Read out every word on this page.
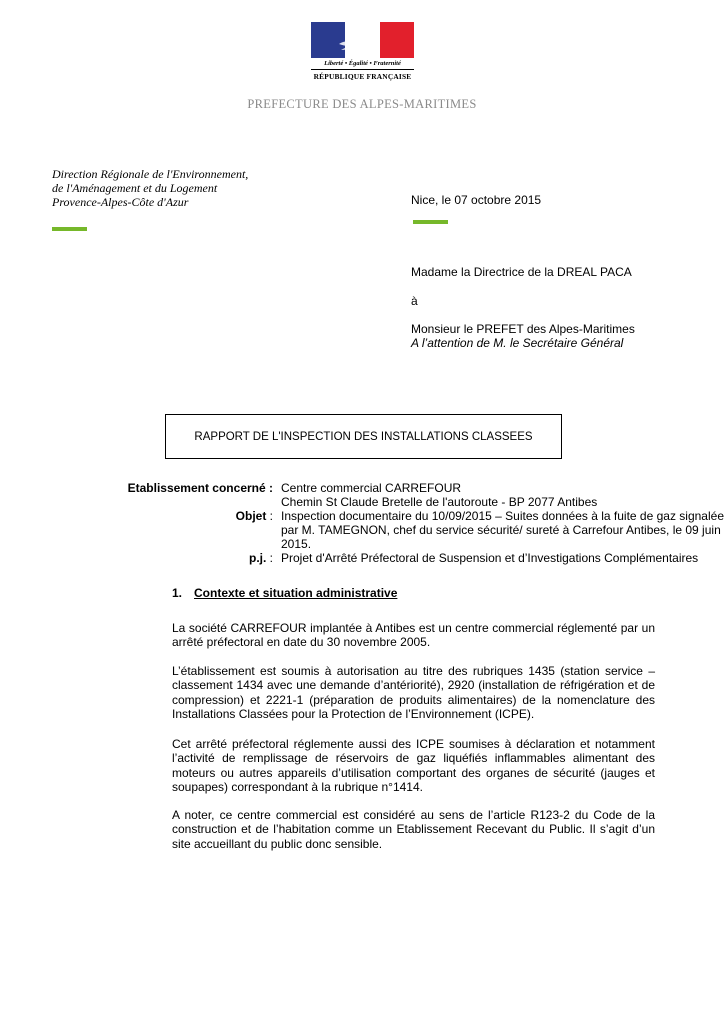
Liberté • Égalité • Fraternité
RÉPUBLIQUE FRANÇAISE
PREFECTURE DES ALPES-MARITIMES
Direction Régionale de l'Environnement,
de l'Aménagement et du Logement
Provence-Alpes-Côte d'Azur	Nice, le 07 octobre 2015
Madame la Directrice de la DREAL PACA
à
Monsieur le PREFET des Alpes-Maritimes
A l’attention de M. le Secrétaire Général
RAPPORT DE L'INSPECTION DES INSTALLATIONS CLASSEES
Etablissement concerné : Centre commercial CARREFOUR
Chemin St Claude Bretelle de l'autoroute - BP 2077 Antibes
Objet : Inspection documentaire du 10/09/2015 – Suites données à la fuite de gaz signalée
par M. TAMEGNON, chef du service sécurité/ sureté à Carrefour Antibes, le 09 juin
2015.
p.j. : Projet d'Arrêté Préfectoral de Suspension et d’Investigations Complémentaires
1. Contexte et situation administrative
La société CARREFOUR implantée à Antibes est un centre commercial réglementé par un arrêté préfectoral en date du 30 novembre 2005.
L’établissement est soumis à autorisation au titre des rubriques 1435 (station service – classement 1434 avec une demande d’antériorité), 2920 (installation de réfrigération et de compression) et 2221-1 (préparation de produits alimentaires) de la nomenclature des Installations Classées pour la Protection de l’Environnement (ICPE).
Cet arrêté préfectoral réglemente aussi des ICPE soumises à déclaration et notamment l’activité de remplissage de réservoirs de gaz liquéfiés inflammables alimentant des moteurs ou autres appareils d’utilisation comportant des organes de sécurité (jauges et soupapes) correspondant à la rubrique n°1414.
A noter, ce centre commercial est considéré au sens de l’article R123-2 du Code de la construction et de l’habitation comme un Etablissement Recevant du Public. Il s’agit d’un site accueillant du public donc sensible.
